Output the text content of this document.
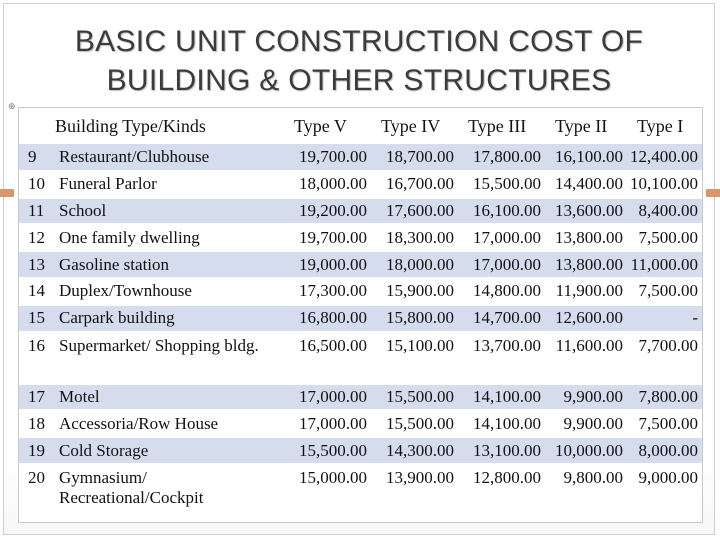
BASIC UNIT CONSTRUCTION COST OF
BUILDING & OTHER STRUCTURES
⊕
Building Type/Kinds		Type V	Type IV	Type III	Type II	Type I
9	Restaurant/Clubhouse	19,700.00	18,700.00	17,800.00	16,100.00	12,400.00
10	Funeral Parlor	18,000.00	16,700.00	15,500.00	14,400.00	10,100.00
11	School	19,200.00	17,600.00	16,100.00	13,600.00	8,400.00
12	One family dwelling	19,700.00	18,300.00	17,000.00	13,800.00	7,500.00
13	Gasoline station	19,000.00	18,000.00	17,000.00	13,800.00	11,000.00
14	Duplex/Townhouse	17,300.00	15,900.00	14,800.00	11,900.00	7,500.00
15	Carpark building	16,800.00	15,800.00	14,700.00	12,600.00	-
16	Supermarket/ Shopping bldg.	16,500.00	15,100.00	13,700.00	11,600.00	7,700.00
17	Motel	17,000.00	15,500.00	14,100.00	9,900.00	7,800.00
18	Accessoria/Row House	17,000.00	15,500.00	14,100.00	9,900.00	7,500.00
19	Cold Storage	15,500.00	14,300.00	13,100.00	10,000.00	8,000.00
20	Gymnasium/ Recreational/Cockpit	15,000.00	13,900.00	12,800.00	9,800.00	9,000.00
